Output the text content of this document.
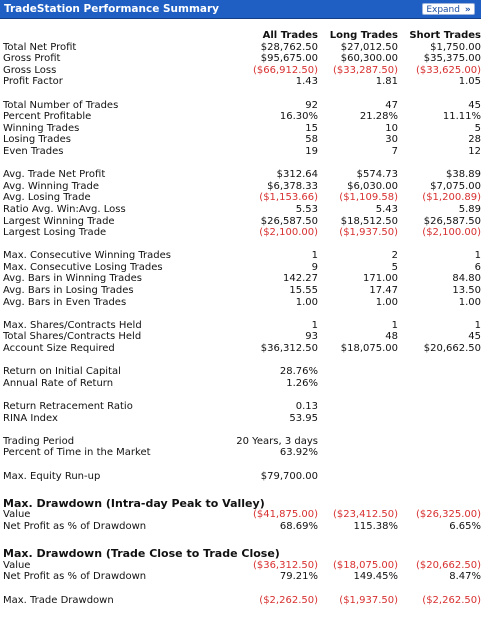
TradeStation Performance Summary	Expand »
	All Trades	Long Trades	Short Trades
Total Net Profit	$28,762.50	$27,012.50	$1,750.00
Gross Profit	$95,675.00	$60,300.00	$35,375.00
Gross Loss	($66,912.50)	($33,287.50)	($33,625.00)
Profit Factor	1.43	1.81	1.05

Total Number of Trades	92	47	45
Percent Profitable	16.30%	21.28%	11.11%
Winning Trades	15	10	5
Losing Trades	58	30	28
Even Trades	19	7	12

Avg. Trade Net Profit	$312.64	$574.73	$38.89
Avg. Winning Trade	$6,378.33	$6,030.00	$7,075.00
Avg. Losing Trade	($1,153.66)	($1,109.58)	($1,200.89)
Ratio Avg. Win:Avg. Loss	5.53	5.43	5.89
Largest Winning Trade	$26,587.50	$18,512.50	$26,587.50
Largest Losing Trade	($2,100.00)	($1,937.50)	($2,100.00)

Max. Consecutive Winning Trades	1	2	1
Max. Consecutive Losing Trades	9	5	6
Avg. Bars in Winning Trades	142.27	171.00	84.80
Avg. Bars in Losing Trades	15.55	17.47	13.50
Avg. Bars in Even Trades	1.00	1.00	1.00

Max. Shares/Contracts Held	1	1	1
Total Shares/Contracts Held	93	48	45
Account Size Required	$36,312.50	$18,075.00	$20,662.50

Return on Initial Capital	28.76%		
Annual Rate of Return	1.26%		

Return Retracement Ratio	0.13		
RINA Index	53.95		

Trading Period	20 Years, 3 days		
Percent of Time in the Market	63.92%		

Max. Equity Run-up	$79,700.00		

Max. Drawdown (Intra-day Peak to Valley)			
Value	($41,875.00)	($23,412.50)	($26,325.00)
Net Profit as % of Drawdown	68.69%	115.38%	6.65%

Max. Drawdown (Trade Close to Trade Close)			
Value	($36,312.50)	($18,075.00)	($20,662.50)
Net Profit as % of Drawdown	79.21%	149.45%	8.47%

Max. Trade Drawdown	($2,262.50)	($1,937.50)	($2,262.50)
